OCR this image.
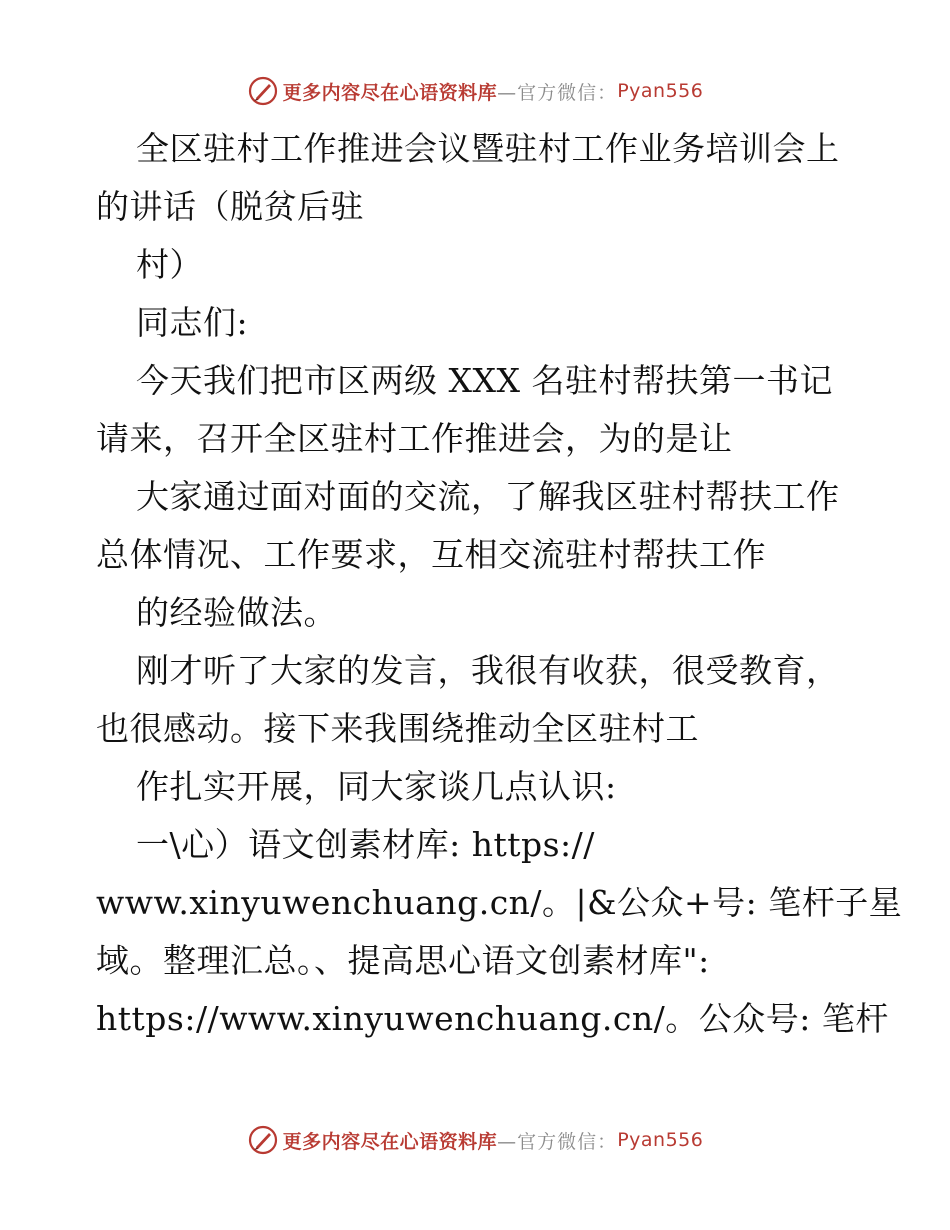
更多内容尽在心语资料库 —官方微信： Pyan556
全区驻村工作推进会议暨驻村工作业务培训会上
的讲话（脱贫后驻
村）
同志们:
今天我们把市区两级 XXX 名驻村帮扶第一书记
请来，召开全区驻村工作推进会，为的是让
大家通过面对面的交流，了解我区驻村帮扶工作
总体情况、工作要求，互相交流驻村帮扶工作
的经验做法。
刚才听了大家的发言，我很有收获，很受教育，
也很感动。接下来我围绕推动全区驻村工
作扎实开展，同大家谈几点认识:
一\心）语文创素材库: https://
www.xinyuwenchuang.cn/。|&公众+号: 笔杆子星
域。整理汇总。、提高思心语文创素材库":
https://www.xinyuwenchuang.cn/。公众号: 笔杆
更多内容尽在心语资料库 —官方微信： Pyan556
